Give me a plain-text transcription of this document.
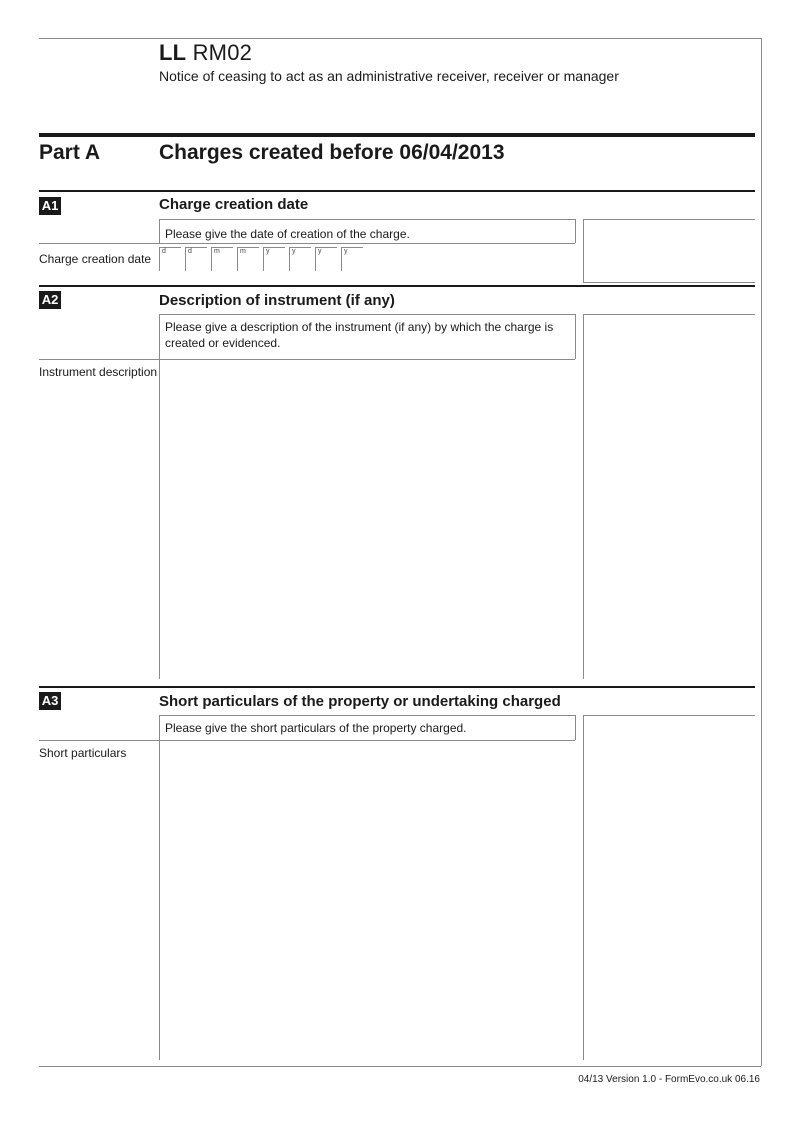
LL RM02
Notice of ceasing to act as an administrative receiver, receiver or manager
Part A	Charges created before 06/04/2013
A1	Charge creation date
Please give the date of creation of the charge.
Charge creation date
d	d	m	m	y	y	y	y
A2	Description of instrument (if any)
Please give a description of the instrument (if any) by which the charge is created or evidenced.
Instrument description
A3	Short particulars of the property or undertaking charged
Please give the short particulars of the property charged.
Short particulars
04/13 Version 1.0 - FormEvo.co.uk 06.16
